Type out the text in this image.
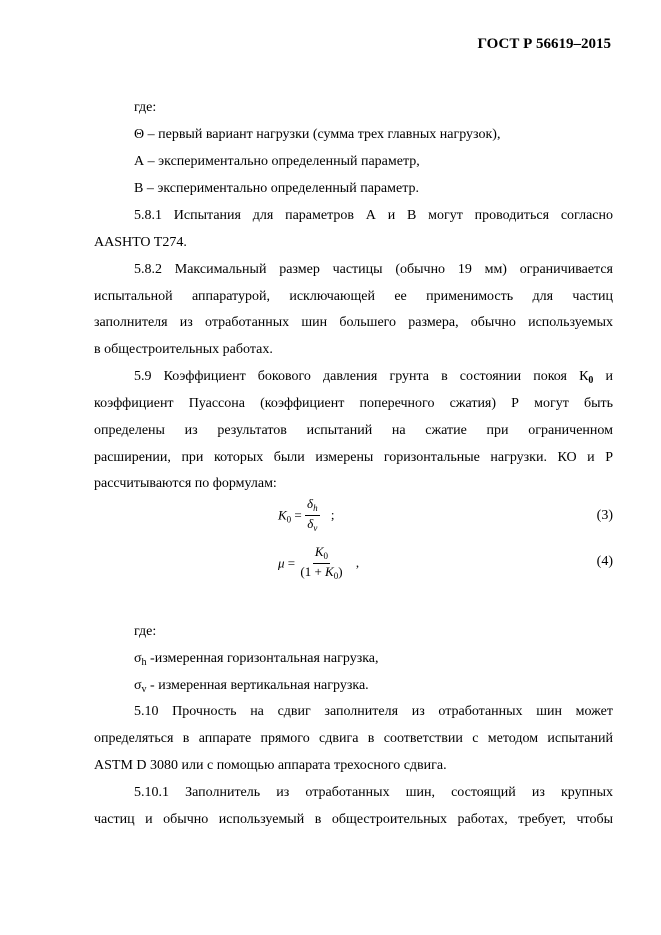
ГОСТ Р 56619–2015
где:
Θ – первый вариант нагрузки (сумма трех главных нагрузок),
А – экспериментально определенный параметр,
В – экспериментально определенный параметр.
5.8.1 Испытания для параметров А и В могут проводиться согласно
AASHTO T274.
5.8.2 Максимальный размер частицы (обычно 19 мм) ограничивается
испытальной аппаратурой, исключающей ее применимость для частиц
заполнителя из отработанных шин большего размера, обычно используемых
в общестроительных работах.
5.9 Коэффициент бокового давления грунта в состоянии покоя $К_0$ и
коэффициент Пуассона (коэффициент поперечного сжатия) Р могут быть
определены из результатов испытаний на сжатие при ограниченном
расширении, при которых были измерены горизонтальные нагрузки. КО и Р
рассчитываются по формулам:
$K_0 = \frac{\delta_h}{\delta_v}$ ;	(3)
$\mu = \frac{K_0}{(1 + K_0)}$ ,	(4)
где:
$\sigma_h$ -измеренная горизонтальная нагрузка,
$\sigma_v$ - измеренная вертикальная нагрузка.
5.10 Прочность на сдвиг заполнителя из отработанных шин может
определяться в аппарате прямого сдвига в соответствии с методом испытаний
ASTM D 3080 или с помощью аппарата трехосного сдвига.
5.10.1 Заполнитель из отработанных шин, состоящий из крупных
частиц и обычно используемый в общестроительных работах, требует, чтобы
